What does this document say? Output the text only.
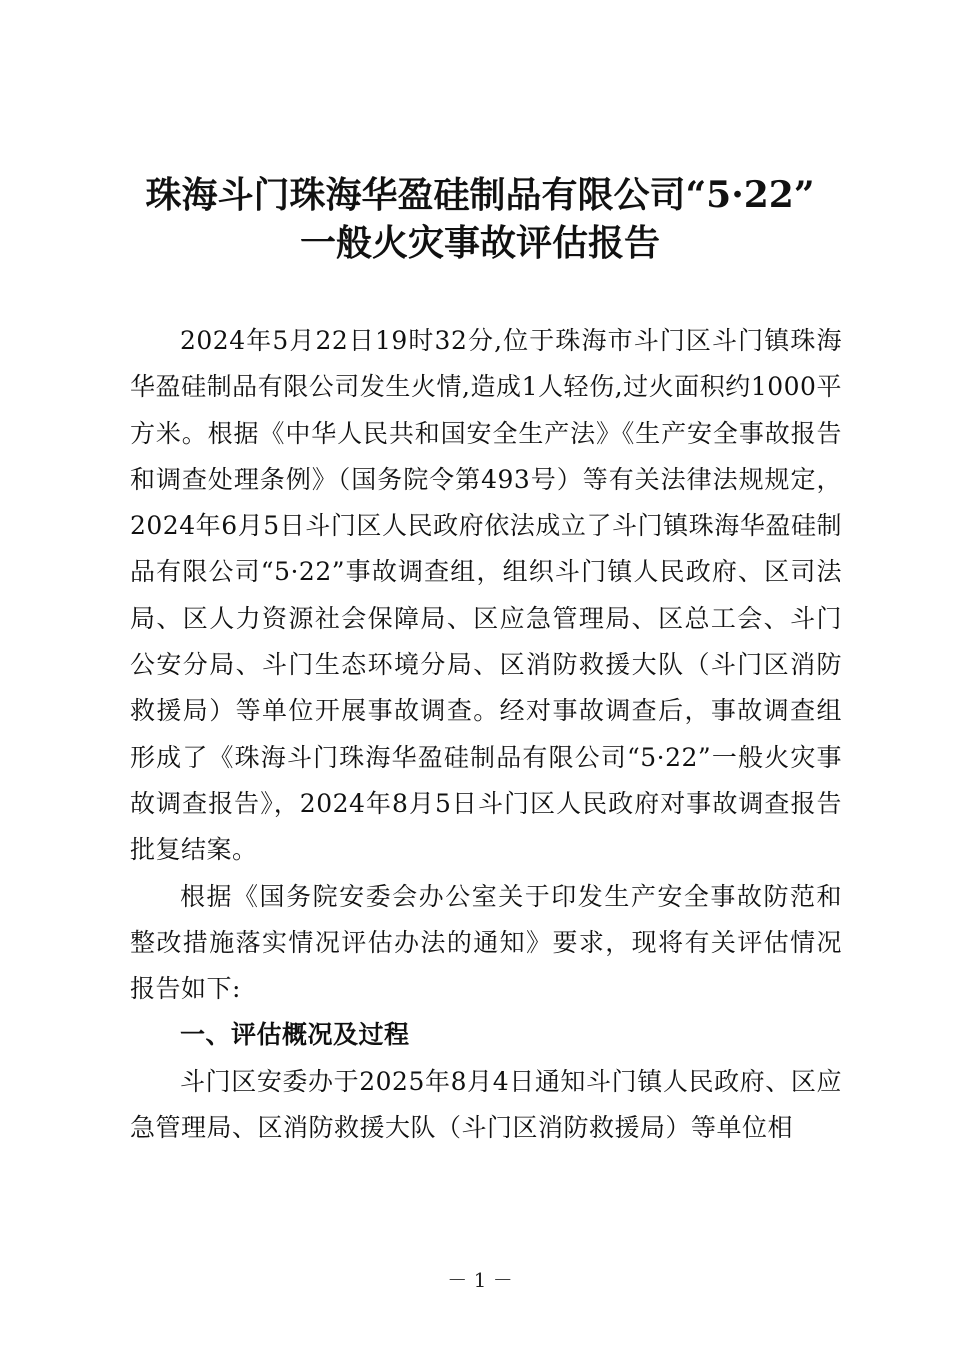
珠海斗门珠海华盈硅制品有限公司“5·22”
一般火灾事故评估报告

2024年5月22日19时32分,位于珠海市斗门区斗门镇珠海华盈硅制品有限公司发生火情,造成1人轻伤,过火面积约1000平方米。根据《中华人民共和国安全生产法》《生产安全事故报告和调查处理条例》（国务院令第493号）等有关法律法规规定，2024年6月5日斗门区人民政府依法成立了斗门镇珠海华盈硅制品有限公司“5·22”事故调查组，组织斗门镇人民政府、区司法局、区人力资源社会保障局、区应急管理局、区总工会、斗门公安分局、斗门生态环境分局、区消防救援大队（斗门区消防救援局）等单位开展事故调查。经对事故调查后，事故调查组形成了《珠海斗门珠海华盈硅制品有限公司“5·22”一般火灾事故调查报告》，2024年8月5日斗门区人民政府对事故调查报告批复结案。

根据《国务院安委会办公室关于印发生产安全事故防范和整改措施落实情况评估办法的通知》要求，现将有关评估情况报告如下:

一、评估概况及过程

斗门区安委办于2025年8月4日通知斗门镇人民政府、区应急管理局、区消防救援大队（斗门区消防救援局）等单位相

－ 1 －
